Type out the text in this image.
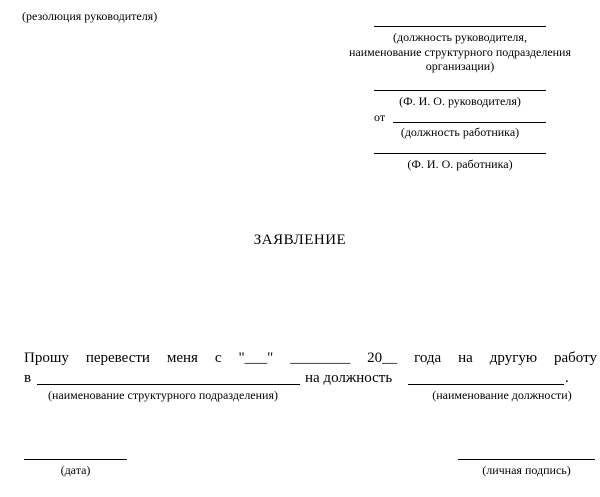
(резолюция руководителя)
(должность руководителя,
наименование структурного подразделения
организации)
(Ф. И. О. руководителя)
от
(должность работника)
(Ф. И. О. работника)
ЗАЯВЛЕНИЕ
Прошу перевести меня с "___" ________ 20__ года на другую работу
в	на должность	.
(наименование структурного подразделения)	(наименование должности)
(дата)	(личная подпись)
